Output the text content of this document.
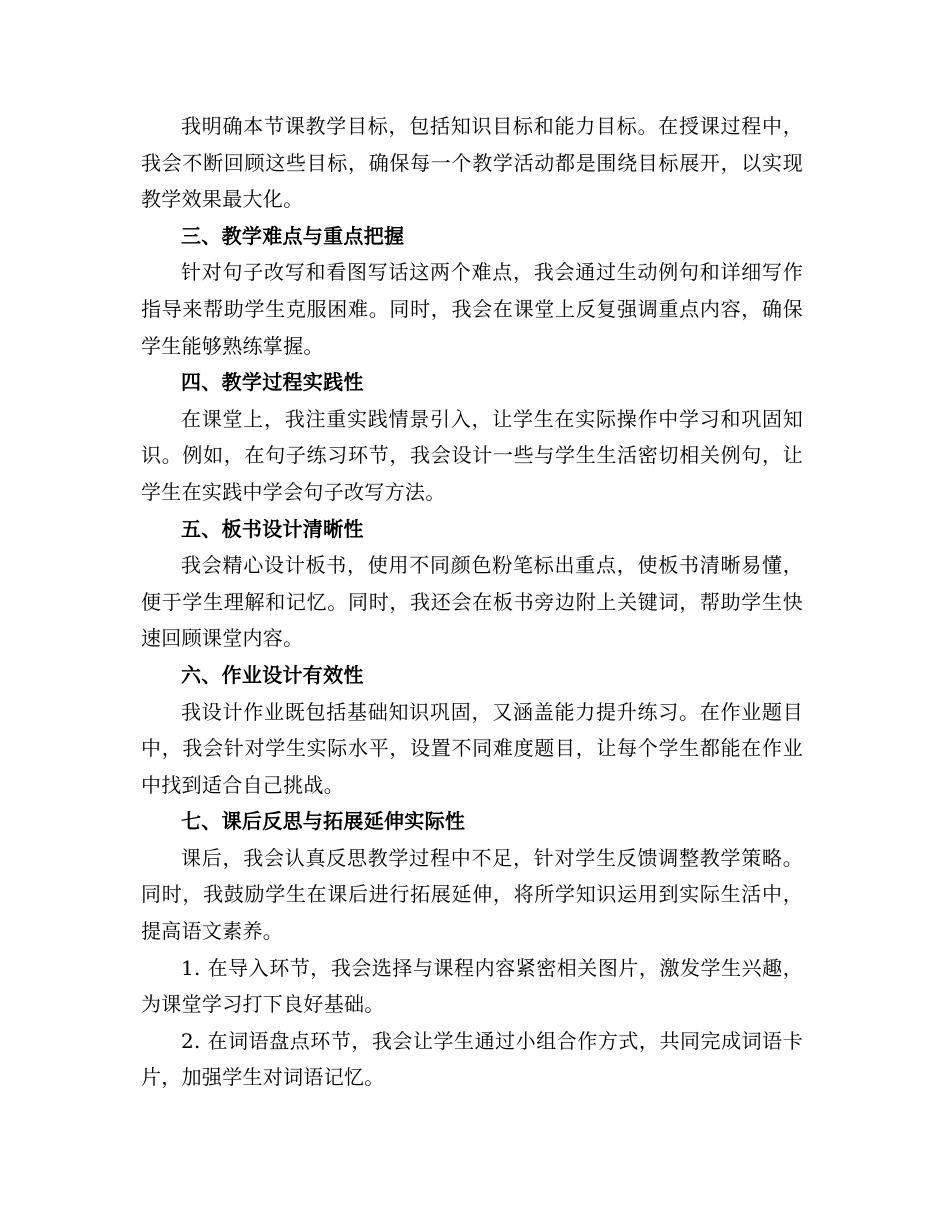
我明确本节课教学目标，包括知识目标和能力目标。在授课过程中，我会不断回顾这些目标，确保每一个教学活动都是围绕目标展开，以实现教学效果最大化。

三、教学难点与重点把握

针对句子改写和看图写话这两个难点，我会通过生动例句和详细写作指导来帮助学生克服困难。同时，我会在课堂上反复强调重点内容，确保学生能够熟练掌握。

四、教学过程实践性

在课堂上，我注重实践情景引入，让学生在实际操作中学习和巩固知识。例如，在句子练习环节，我会设计一些与学生生活密切相关例句，让学生在实践中学会句子改写方法。

五、板书设计清晰性

我会精心设计板书，使用不同颜色粉笔标出重点，使板书清晰易懂，便于学生理解和记忆。同时，我还会在板书旁边附上关键词，帮助学生快速回顾课堂内容。

六、作业设计有效性

我设计作业既包括基础知识巩固，又涵盖能力提升练习。在作业题目中，我会针对学生实际水平，设置不同难度题目，让每个学生都能在作业中找到适合自己挑战。

七、课后反思与拓展延伸实际性

课后，我会认真反思教学过程中不足，针对学生反馈调整教学策略。同时，我鼓励学生在课后进行拓展延伸，将所学知识运用到实际生活中，提高语文素养。

1. 在导入环节，我会选择与课程内容紧密相关图片，激发学生兴趣，为课堂学习打下良好基础。

2. 在词语盘点环节，我会让学生通过小组合作方式，共同完成词语卡片，加强学生对词语记忆。
